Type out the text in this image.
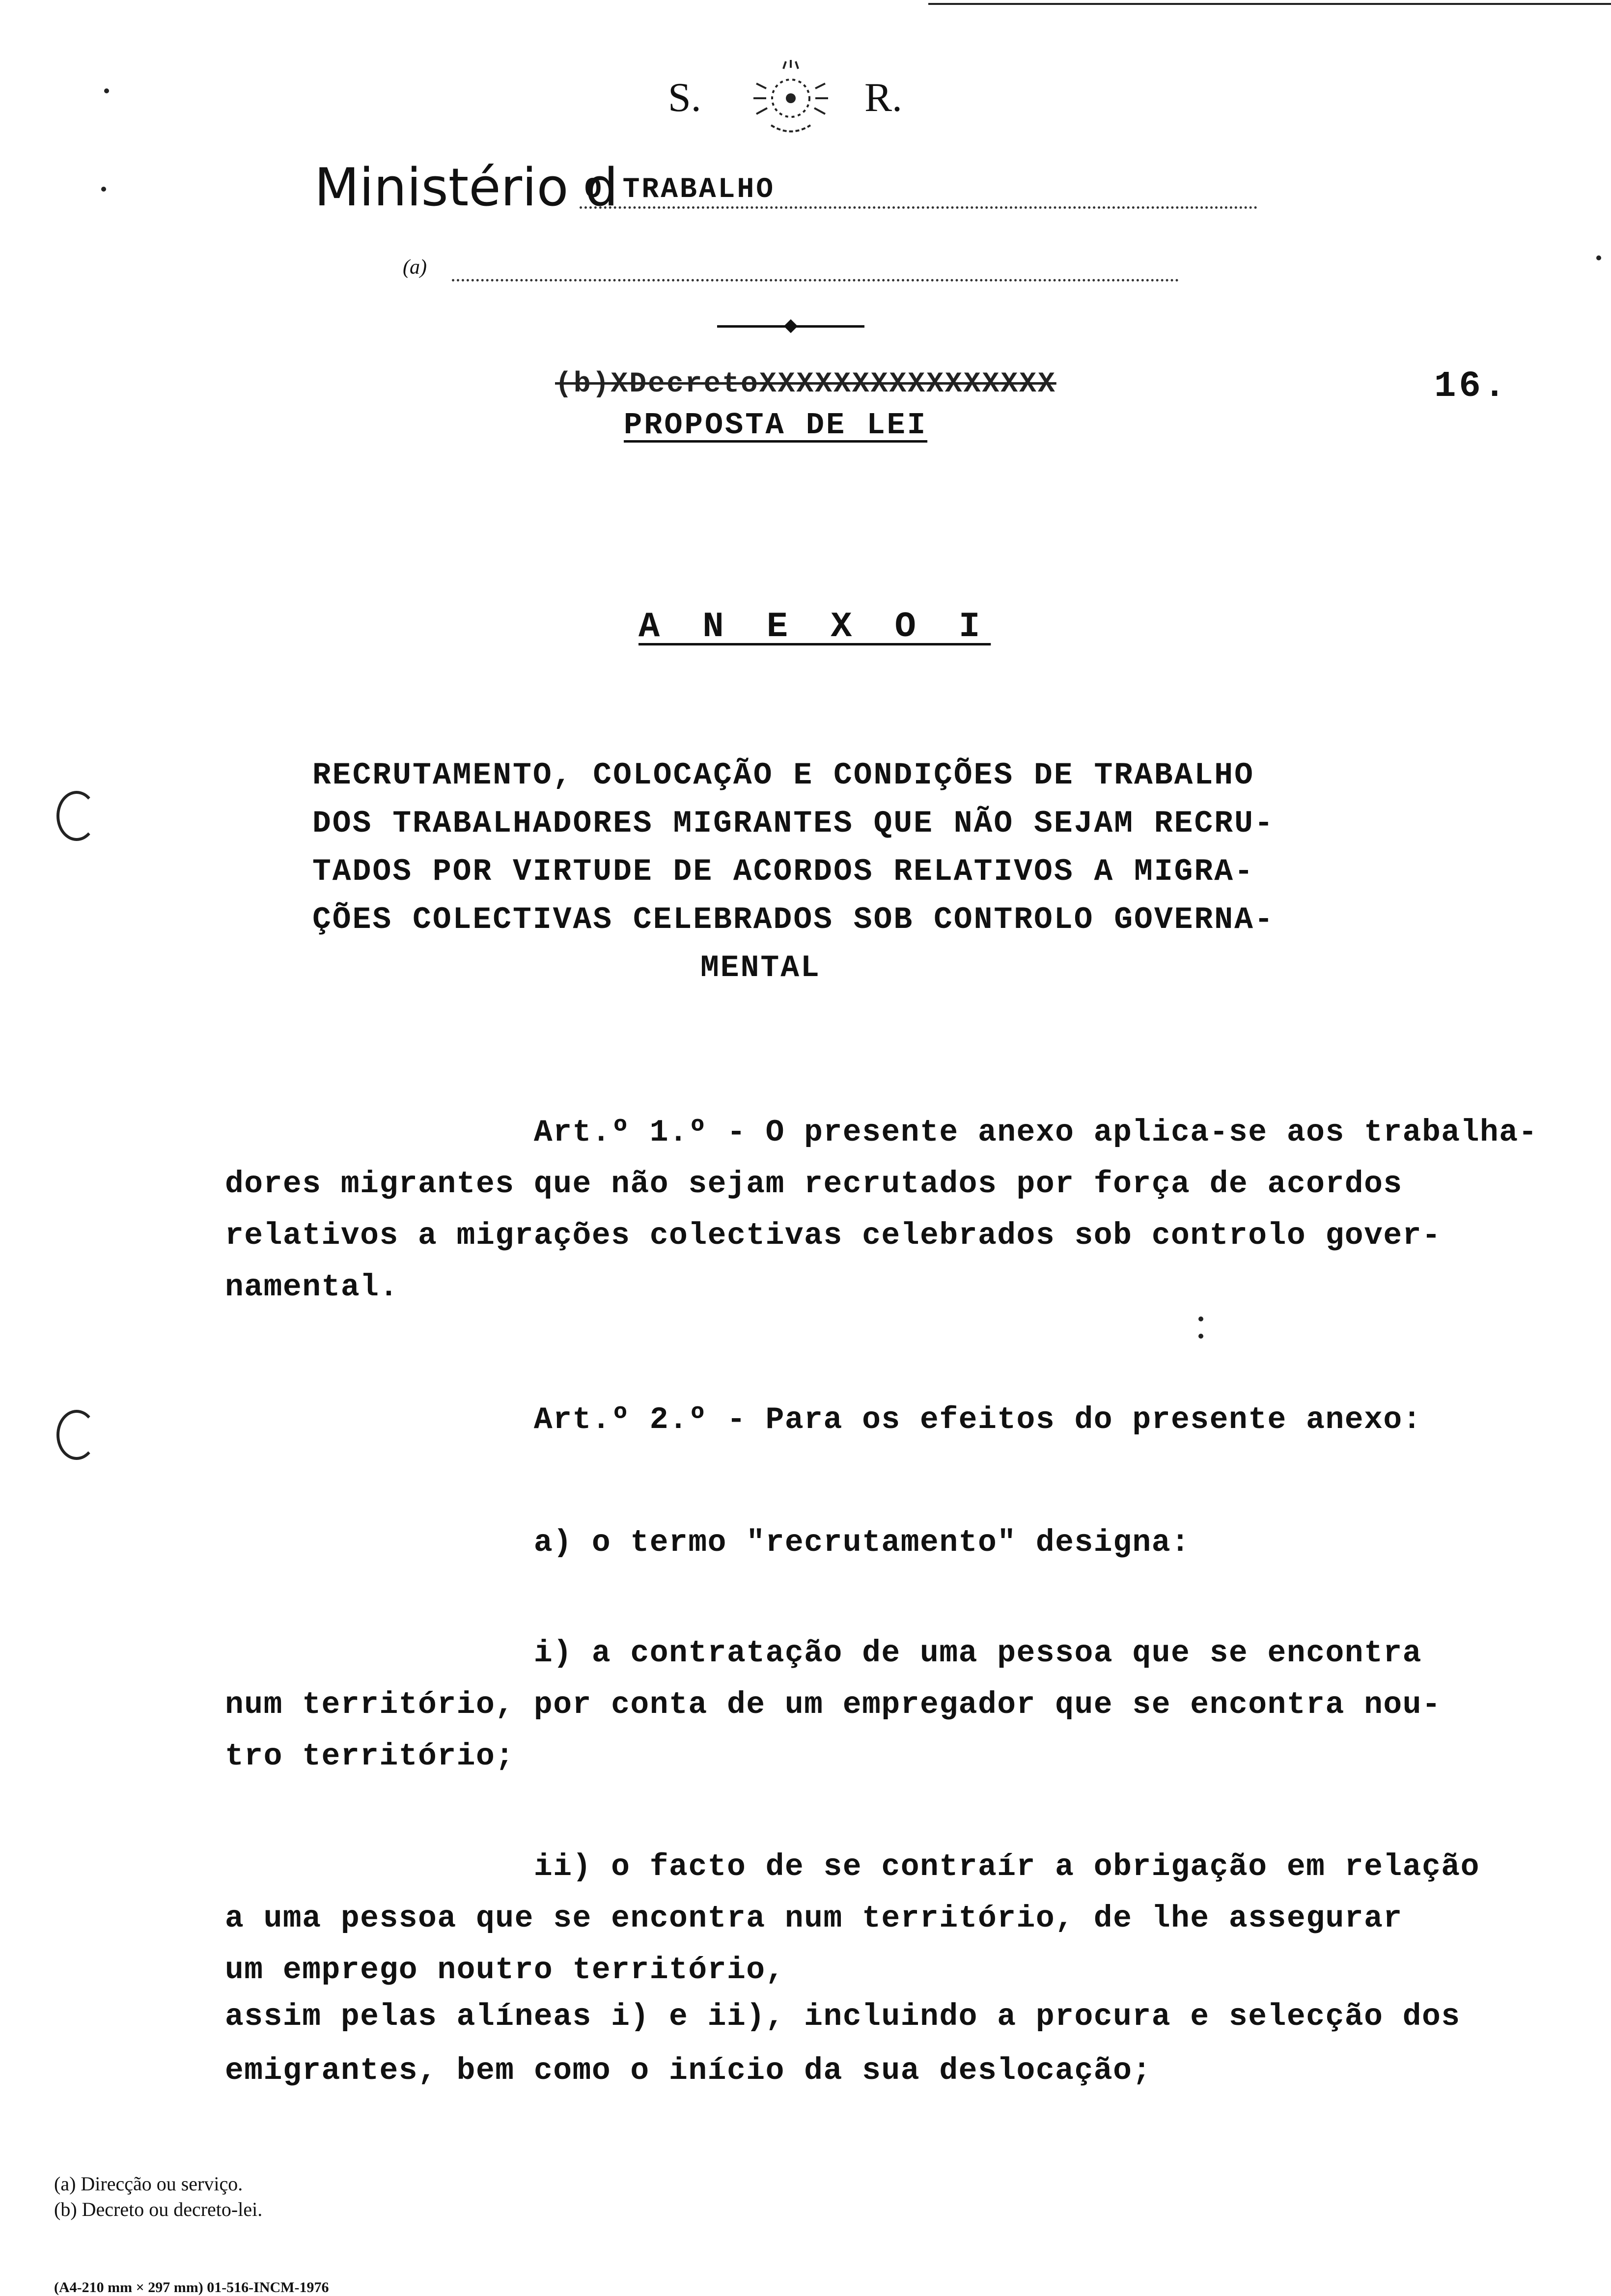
S.	R.
Ministério d
O TRABALHO
(a)
(b)XDecretoXXXXXXXXXXXXXXXX	16.
PROPOSTA DE LEI
A N E X O I
RECRUTAMENTO, COLOCAÇÃO E CONDIÇÕES DE TRABALHO
DOS TRABALHADORES MIGRANTES QUE NÃO SEJAM RECRU-
TADOS POR VIRTUDE DE ACORDOS RELATIVOS A MIGRA-
ÇÕES COLECTIVAS CELEBRADOS SOB CONTROLO GOVERNA-
MENTAL
Art.º 1.º - O presente anexo aplica-se aos trabalha-
dores migrantes que não sejam recrutados por força de acordos
relativos a migrações colectivas celebrados sob controlo gover-
namental.
Art.º 2.º - Para os efeitos do presente anexo:
a) o termo "recrutamento" designa:
i) a contratação de uma pessoa que se encontra
num território, por conta de um empregador que se encontra nou-
tro território;
ii) o facto de se contraír a obrigação em relação
a uma pessoa que se encontra num território, de lhe assegurar
um emprego noutro território,
assim pelas alíneas i) e ii), incluindo a procura e selecção dos
emigrantes, bem como o início da sua deslocação;
(a) Direcção ou serviço.
(b) Decreto ou decreto-lei.
(A4-210 mm × 297 mm) 01-516-INCM-1976
